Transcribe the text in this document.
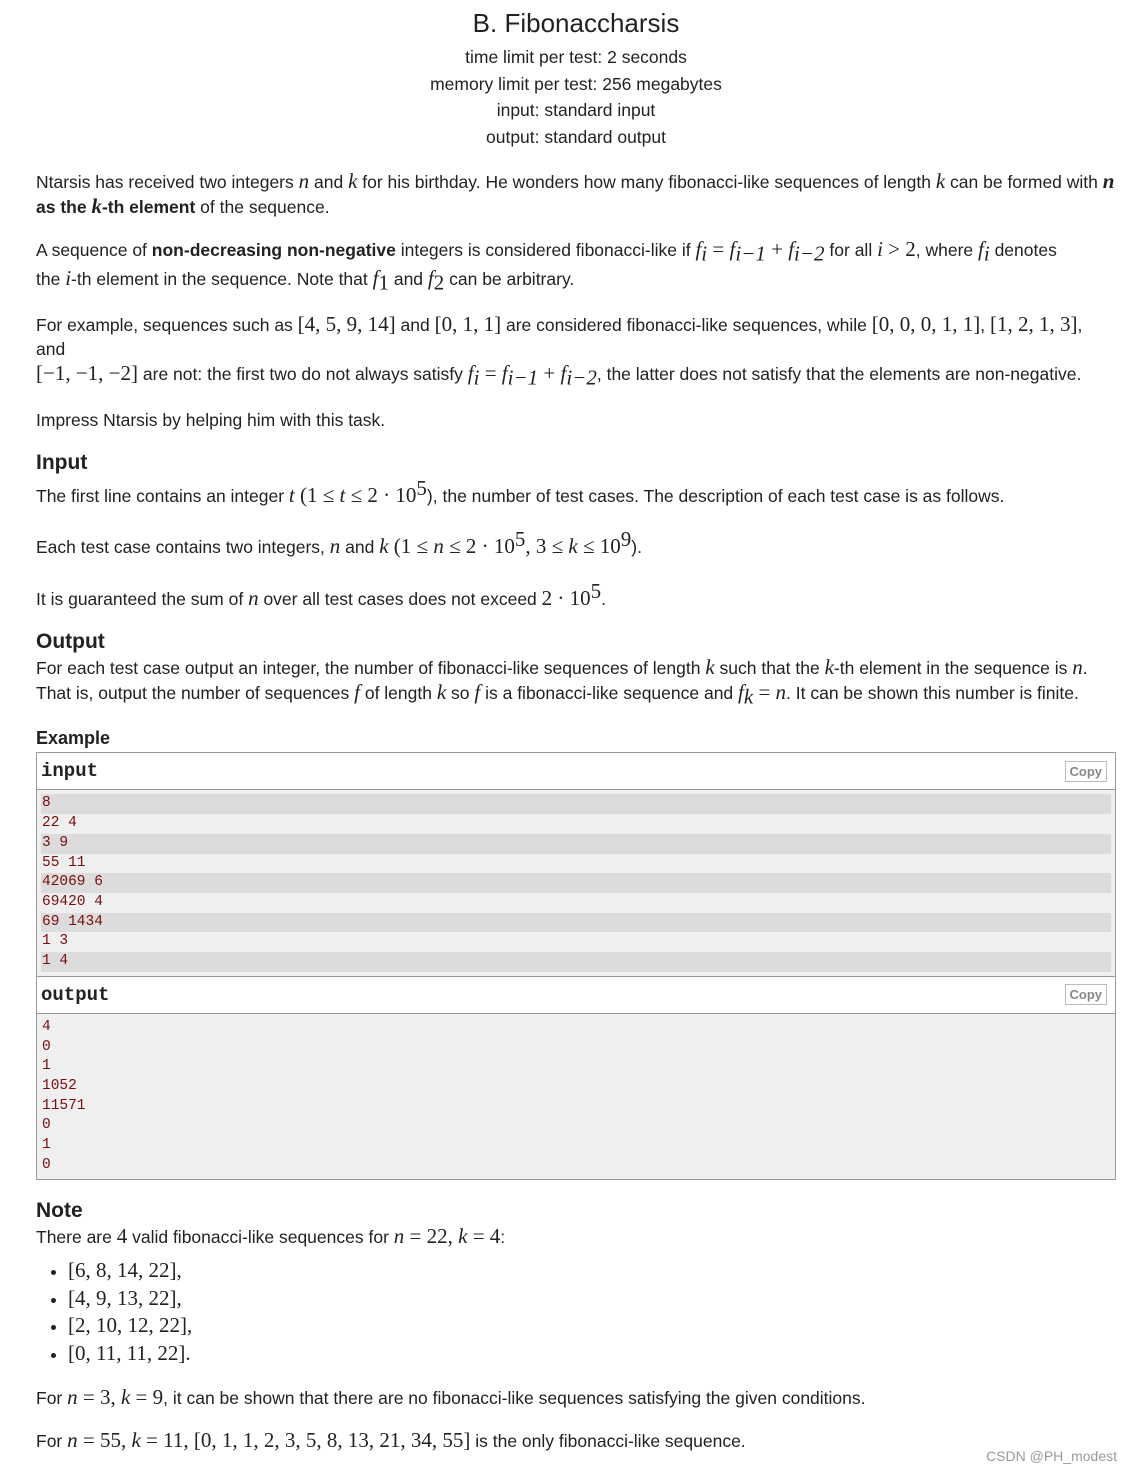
B. Fibonaccharsis
time limit per test: 2 seconds
memory limit per test: 256 megabytes
input: standard input
output: standard output

Ntarsis has received two integers n and k for his birthday. He wonders how many fibonacci-like sequences of length k can be formed with n as the k-th element of the sequence.

A sequence of non-decreasing non-negative integers is considered fibonacci-like if $f_i = f_{i-1} + f_{i-2}$ for all i > 2, where $f_i$ denotes
the i-th element in the sequence. Note that $f_1$ and $f_2$ can be arbitrary.

For example, sequences such as [4, 5, 9, 14] and [0, 1, 1] are considered fibonacci-like sequences, while [0, 0, 0, 1, 1], [1, 2, 1, 3], and
[−1, −1, −2] are not: the first two do not always satisfy $f_i = f_{i-1} + f_{i-2}$, the latter does not satisfy that the elements are non-negative.

Impress Ntarsis by helping him with this task.

Input

The first line contains an integer t $(1 \le t \le 2 \cdot 10^5)$, the number of test cases. The description of each test case is as follows.

Each test case contains two integers, n and k ($1 \le n \le 2 \cdot 10^5$, $3 \le k \le 10^9$).

It is guaranteed the sum of n over all test cases does not exceed $2 \cdot 10^5$.

Output

For each test case output an integer, the number of fibonacci-like sequences of length k such that the k-th element in the sequence is n.

That is, output the number of sequences f of length k so f is a fibonacci-like sequence and $f_k = n$. It can be shown this number is finite.

Example
input	Copy
8
22 4
3 9
55 11
42069 6
69420 4
69 1434
1 3
1 4
output	Copy
4
0
1
1052
11571
0
1
0
Note

There are 4 valid fibonacci-like sequences for n = 22, k = 4:

• [6, 8, 14, 22],
• [4, 9, 13, 22],
• [2, 10, 12, 22],
• [0, 11, 11, 22].

For n = 3, k = 9, it can be shown that there are no fibonacci-like sequences satisfying the given conditions.

For n = 55, k = 11, [0, 1, 1, 2, 3, 5, 8, 13, 21, 34, 55] is the only fibonacci-like sequence.

CSDN @PH_modest
